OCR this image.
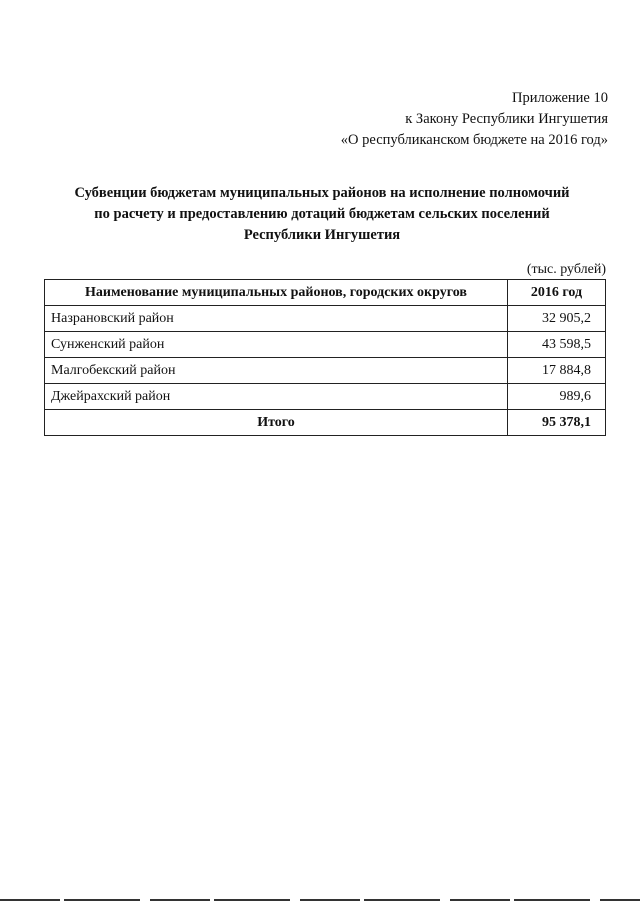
Приложение 10
к Закону Республики Ингушетия
«О республиканском бюджете на 2016 год»
Субвенции бюджетам муниципальных районов на исполнение полномочий
по расчету и предоставлению дотаций бюджетам сельских поселений
Республики Ингушетия
(тыс. рублей)
Наименование муниципальных районов, городских округов	2016 год
Назрановский район	32 905,2
Сунженский район	43 598,5
Малгобекский район	17 884,8
Джейрахский район	989,6
Итого	95 378,1
